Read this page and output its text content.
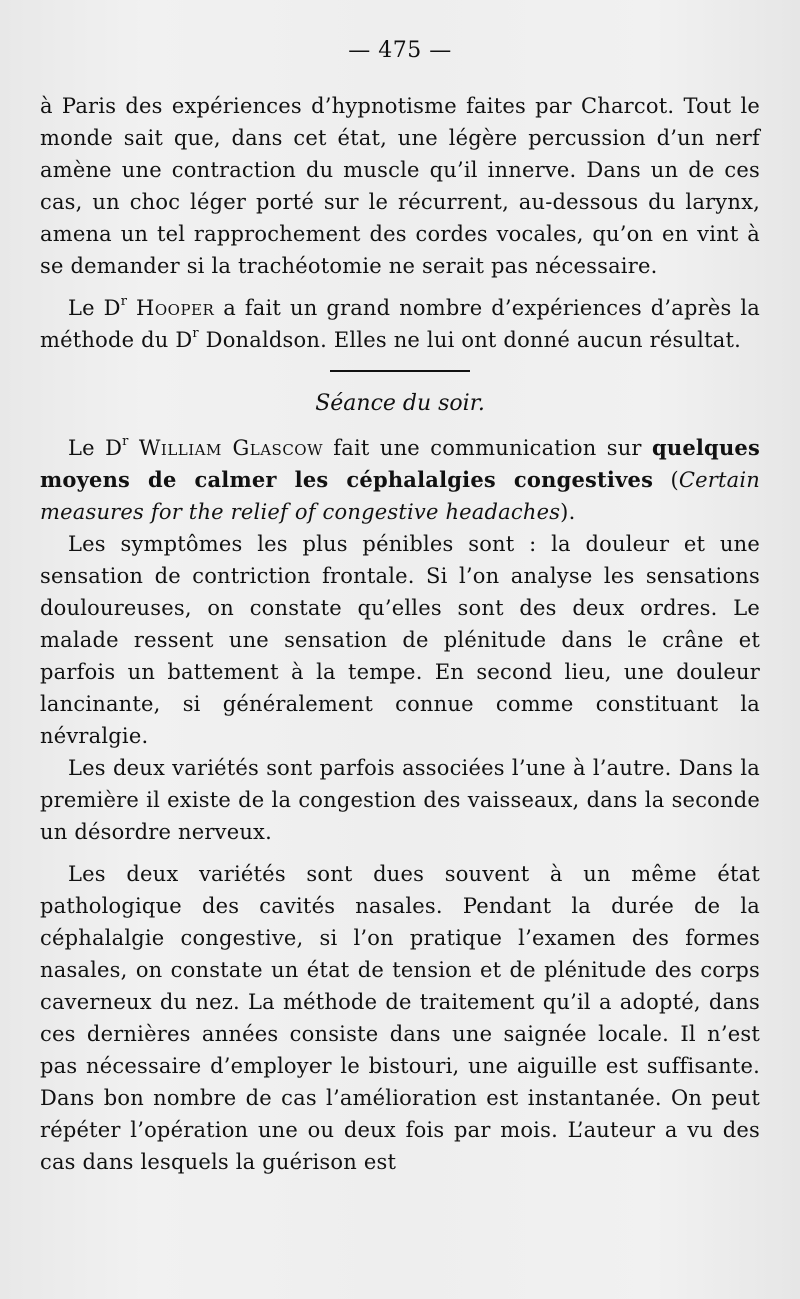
— 475 —

à Paris des expériences d’hypnotisme faites par Charcot. Tout le monde sait que, dans cet état, une légère percussion d’un nerf amène une contraction du muscle qu’il innerve. Dans un de ces cas, un choc léger porté sur le récurrent, au-dessous du larynx, amena un tel rapprochement des cordes vocales, qu’on en vint à se demander si la trachéotomie ne serait pas nécessaire.

Le $D^r$ Hooper a fait un grand nombre d’expériences d’après la méthode du $D^r$ Donaldson. Elles ne lui ont donné aucun résultat.

Séance du soir.

Le $D^r$ William Glascow fait une communication sur quelques moyens de calmer les céphalalgies congestives (Certain measures for the relief of congestive headaches).

Les symptômes les plus pénibles sont : la douleur et une sensation de contriction frontale. Si l’on analyse les sensations douloureuses, on constate qu’elles sont des deux ordres. Le malade ressent une sensation de plénitude dans le crâne et parfois un battement à la tempe. En second lieu, une douleur lancinante, si généralement connue comme constituant la névralgie.

Les deux variétés sont parfois associées l’une à l’autre. Dans la première il existe de la congestion des vaisseaux, dans la seconde un désordre nerveux.

Les deux variétés sont dues souvent à un même état pathologique des cavités nasales. Pendant la durée de la céphalalgie congestive, si l’on pratique l’examen des formes nasales, on constate un état de tension et de plénitude des corps caverneux du nez. La méthode de traitement qu’il a adopté, dans ces dernières années consiste dans une saignée locale. Il n’est pas nécessaire d’employer le bistouri, une aiguille est suffisante. Dans bon nombre de cas l’amélioration est instantanée. On peut répéter l’opération une ou deux fois par mois. L’auteur a vu des cas dans lesquels la guérison est
